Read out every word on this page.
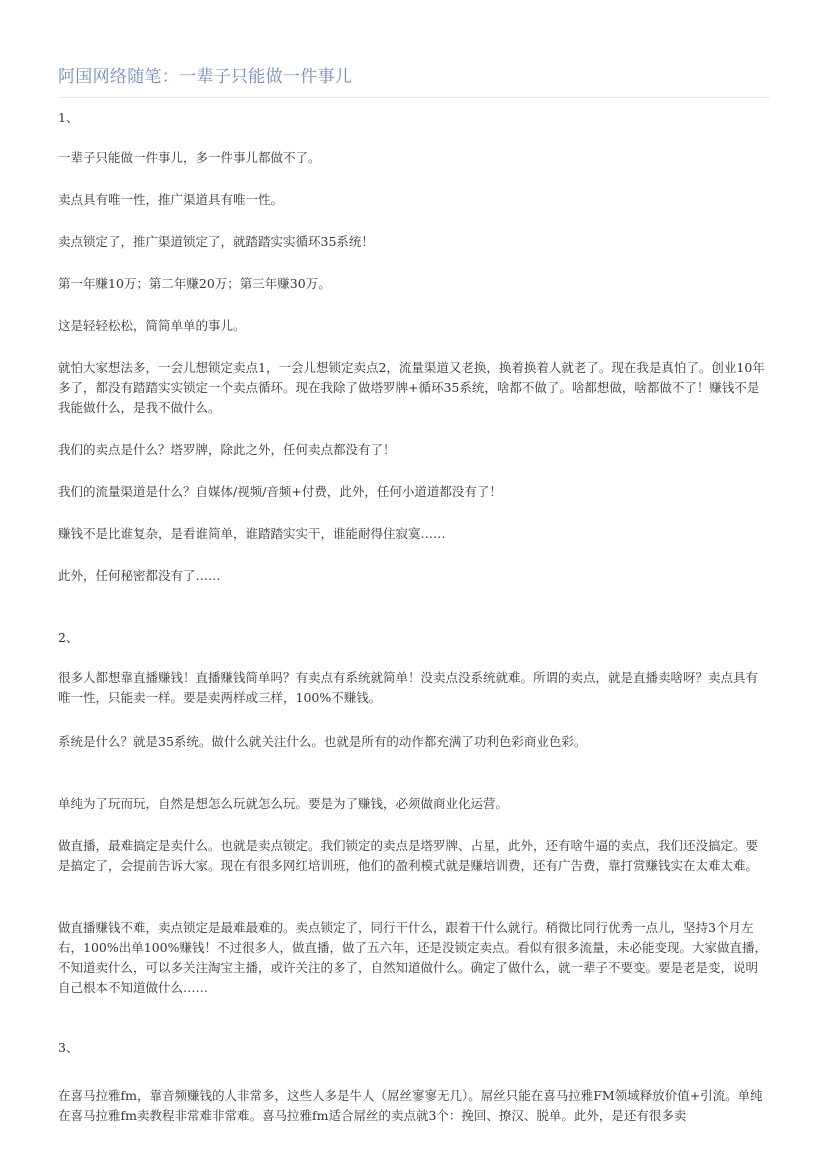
阿国网络随笔：一辈子只能做一件事儿

1、

一辈子只能做一件事儿，多一件事儿都做不了。

卖点具有唯一性，推广渠道具有唯一性。

卖点锁定了，推广渠道锁定了，就踏踏实实循环35系统！

第一年赚10万；第二年赚20万；第三年赚30万。

这是轻轻松松，简简单单的事儿。

就怕大家想法多，一会儿想锁定卖点1，一会儿想锁定卖点2，流量渠道又老换，换着换着人就老了。现在我是真怕了。创业10年多了，都没有踏踏实实锁定一个卖点循环。现在我除了做塔罗牌+循环35系统，啥都不做了。啥都想做，啥都做不了！赚钱不是我能做什么，是我不做什么。

我们的卖点是什么？塔罗牌，除此之外，任何卖点都没有了！

我们的流量渠道是什么？自媒体/视频/音频+付费，此外，任何小道道都没有了！

赚钱不是比谁复杂，是看谁简单，谁踏踏实实干，谁能耐得住寂寞……

此外，任何秘密都没有了……

2、

很多人都想靠直播赚钱！直播赚钱简单吗？有卖点有系统就简单！没卖点没系统就难。所谓的卖点，就是直播卖啥呀？卖点具有唯一性，只能卖一样。要是卖两样或三样，100%不赚钱。

系统是什么？就是35系统。做什么就关注什么。也就是所有的动作都充满了功利色彩商业色彩。

单纯为了玩而玩，自然是想怎么玩就怎么玩。要是为了赚钱，必须做商业化运营。

做直播，最难搞定是卖什么。也就是卖点锁定。我们锁定的卖点是塔罗牌、占星，此外，还有啥牛逼的卖点，我们还没搞定。要是搞定了，会提前告诉大家。现在有很多网红培训班，他们的盈利模式就是赚培训费，还有广告费，靠打赏赚钱实在太难太难。

做直播赚钱不难，卖点锁定是最难最难的。卖点锁定了，同行干什么，跟着干什么就行。稍微比同行优秀一点儿，坚持3个月左右，100%出单100%赚钱！不过很多人，做直播，做了五六年，还是没锁定卖点。看似有很多流量，未必能变现。大家做直播，不知道卖什么，可以多关注淘宝主播，或许关注的多了，自然知道做什么。确定了做什么，就一辈子不要变。要是老是变，说明自己根本不知道做什么……

3、

在喜马拉雅fm，靠音频赚钱的人非常多，这些人多是牛人（屌丝寥寥无几）。屌丝只能在喜马拉雅FM领域释放价值+引流。单纯在喜马拉雅fm卖教程非常难非常难。喜马拉雅fm适合屌丝的卖点就3个：挽回、撩汉、脱单。此外，是还有很多卖
